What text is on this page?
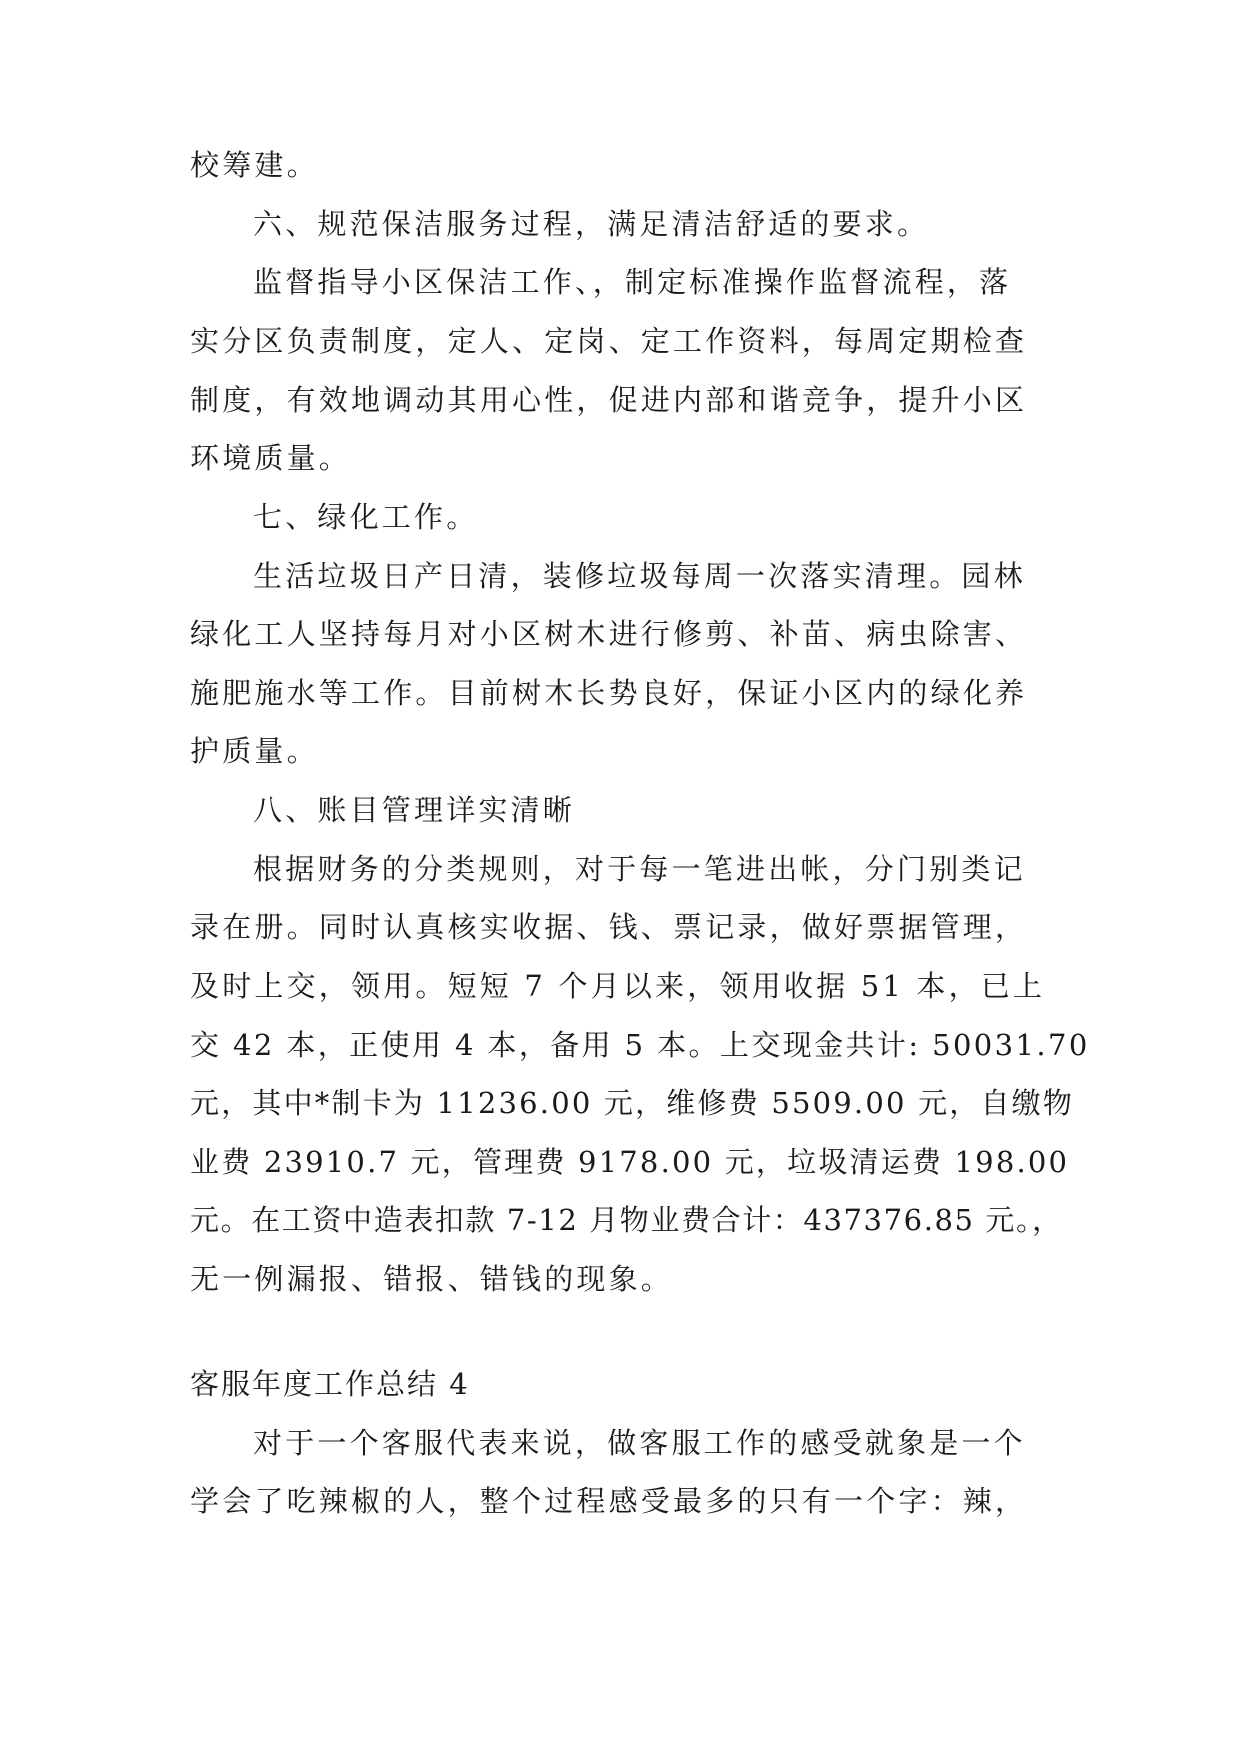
校筹建。
六、规范保洁服务过程，满足清洁舒适的要求。
监督指导小区保洁工作、，制定标准操作监督流程，落
实分区负责制度，定人、定岗、定工作资料，每周定期检查
制度，有效地调动其用心性，促进内部和谐竞争，提升小区
环境质量。
七、绿化工作。
生活垃圾日产日清，装修垃圾每周一次落实清理。园林
绿化工人坚持每月对小区树木进行修剪、补苗、病虫除害、
施肥施水等工作。目前树木长势良好，保证小区内的绿化养
护质量。
八、账目管理详实清晰
根据财务的分类规则，对于每一笔进出帐，分门别类记
录在册。同时认真核实收据、钱、票记录，做好票据管理，
及时上交，领用。短短 7 个月以来，领用收据 51 本，已上
交 42 本，正使用 4 本，备用 5 本。上交现金共计: 50031.70
元，其中*制卡为 11236.00 元，维修费 5509.00 元，自缴物
业费 23910.7 元，管理费 9178.00 元，垃圾清运费 198.00
元。在工资中造表扣款 7-12 月物业费合计：437376.85 元。，
无一例漏报、错报、错钱的现象。
客服年度工作总结 4
对于一个客服代表来说，做客服工作的感受就象是一个
学会了吃辣椒的人，整个过程感受最多的只有一个字：辣，
